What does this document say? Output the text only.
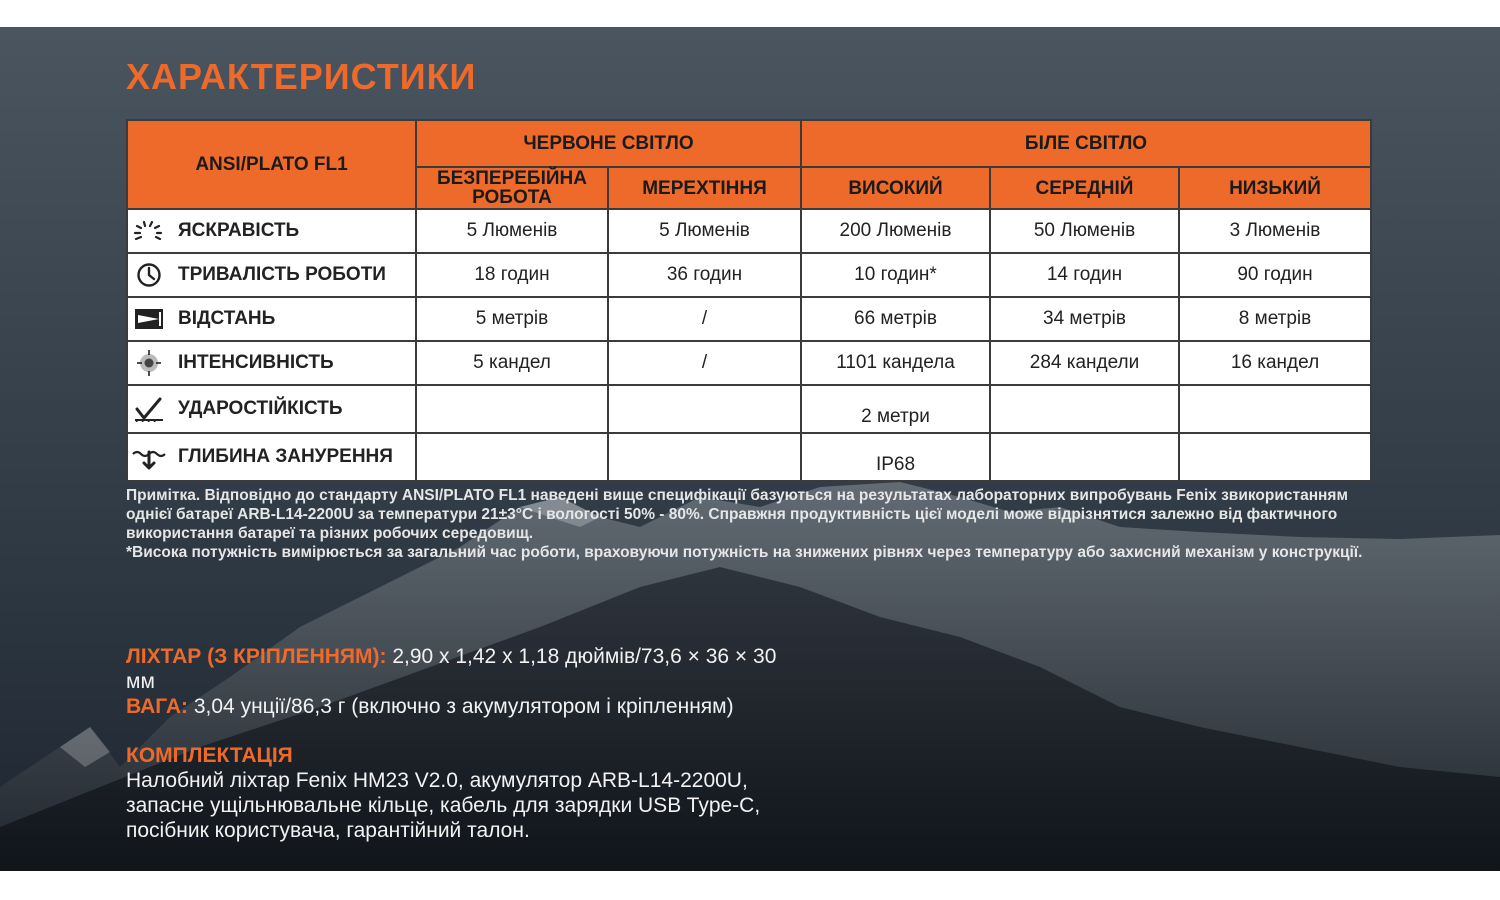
ХАРАКТЕРИСТИКИ
ANSI/PLATO FL1	ЧЕРВОНЕ СВІТЛО		БІЛЕ СВІТЛО		
	БЕЗПЕРЕБІЙНА РОБОТА	МЕРЕХТІННЯ	ВИСОКИЙ	СЕРЕДНІЙ	НИЗЬКИЙ

ЯСКРАВІСТЬ	5 Люменів	5 Люменів	200 Люменів	50 Люменів	3 Люменів

ТРИВАЛІСТЬ РОБОТИ	18 годин	36 годин	10 годин*	14 годин	90 годин

ВІДСТАНЬ	5 метрів	/	66 метрів	34 метрів	8 метрів

ІНТЕНСИВНІСТЬ	5 кандел	/	1101 кандела	284 кандели	16 кандел

УДАРОСТІЙКІСТЬ			2 метри		

ГЛИБИНА ЗАНУРЕННЯ			IP68		

Примітка. Відповідно до стандарту ANSI/PLATO FL1 наведені вище специфікації базуються на результатах лабораторних випробувань Fenix звикористанням однієї батареї ARB-L14-2200U за температури 21±3°C і вологості 50% - 80%. Справжня продуктивність цієї моделі може відрізнятися залежно від фактичного використання батареї та різних робочих середовищ.

*Висока потужність вимірюється за загальний час роботи, враховуючи потужність на знижених рівнях через температуру або захисний механізм у конструкції.

ЛІХТАР (З КРІПЛЕННЯМ): 2,90 x 1,42 x 1,18 дюймів/73,6 × 36 × 30 мм

ВАГА: 3,04 унції/86,3 г (включно з акумулятором і кріпленням)

КОМПЛЕКТАЦІЯ

Налобний ліхтар Fenix HM23 V2.0, акумулятор ARB-L14-2200U, запасне ущільнювальне кільце, кабель для зарядки USB Type-C, посібник користувача, гарантійний талон.
